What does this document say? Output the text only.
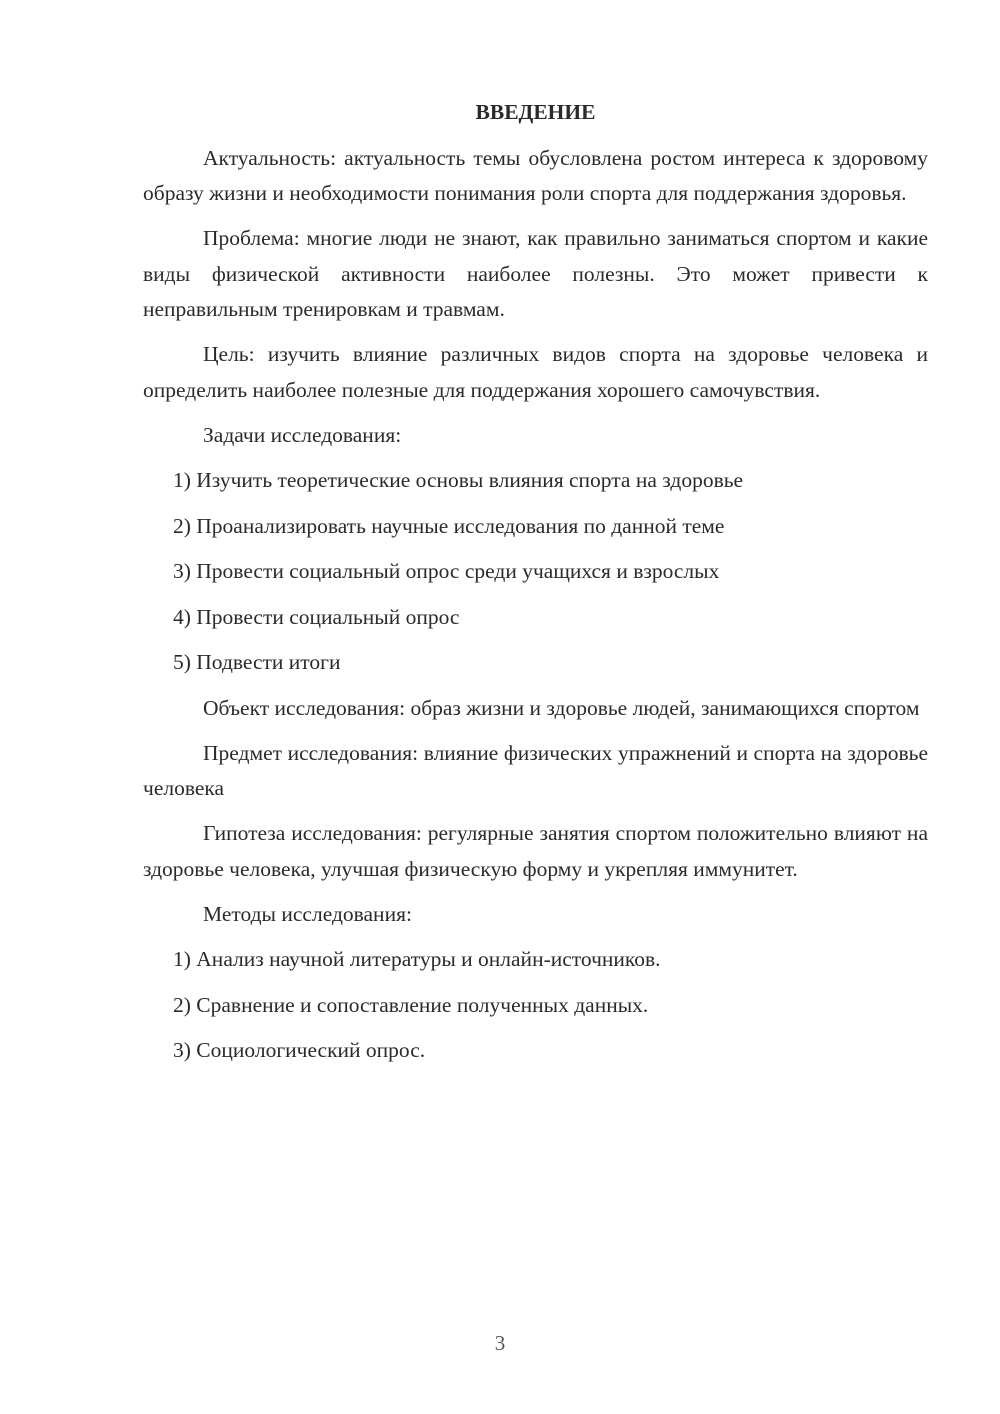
ВВЕДЕНИЕ

Актуальность: актуальность темы обусловлена ростом интереса к здоровому образу жизни и необходимости понимания роли спорта для поддержания здоровья.

Проблема: многие люди не знают, как правильно заниматься спортом и какие виды физической активности наиболее полезны. Это может привести к неправильным тренировкам и травмам.

Цель: изучить влияние различных видов спорта на здоровье человека и определить наиболее полезные для поддержания хорошего самочувствия.

Задачи исследования:

1) Изучить теоретические основы влияния спорта на здоровье

2) Проанализировать научные исследования по данной теме

3) Провести социальный опрос среди учащихся и взрослых

4) Провести социальный опрос

5) Подвести итоги

Объект исследования: образ жизни и здоровье людей, занимающихся спортом

Предмет исследования: влияние физических упражнений и спорта на здоровье человека

Гипотеза исследования: регулярные занятия спортом положительно влияют на здоровье человека, улучшая физическую форму и укрепляя иммунитет.

Методы исследования:

1) Анализ научной литературы и онлайн-источников.

2) Сравнение и сопоставление полученных данных.

3) Социологический опрос.

3
